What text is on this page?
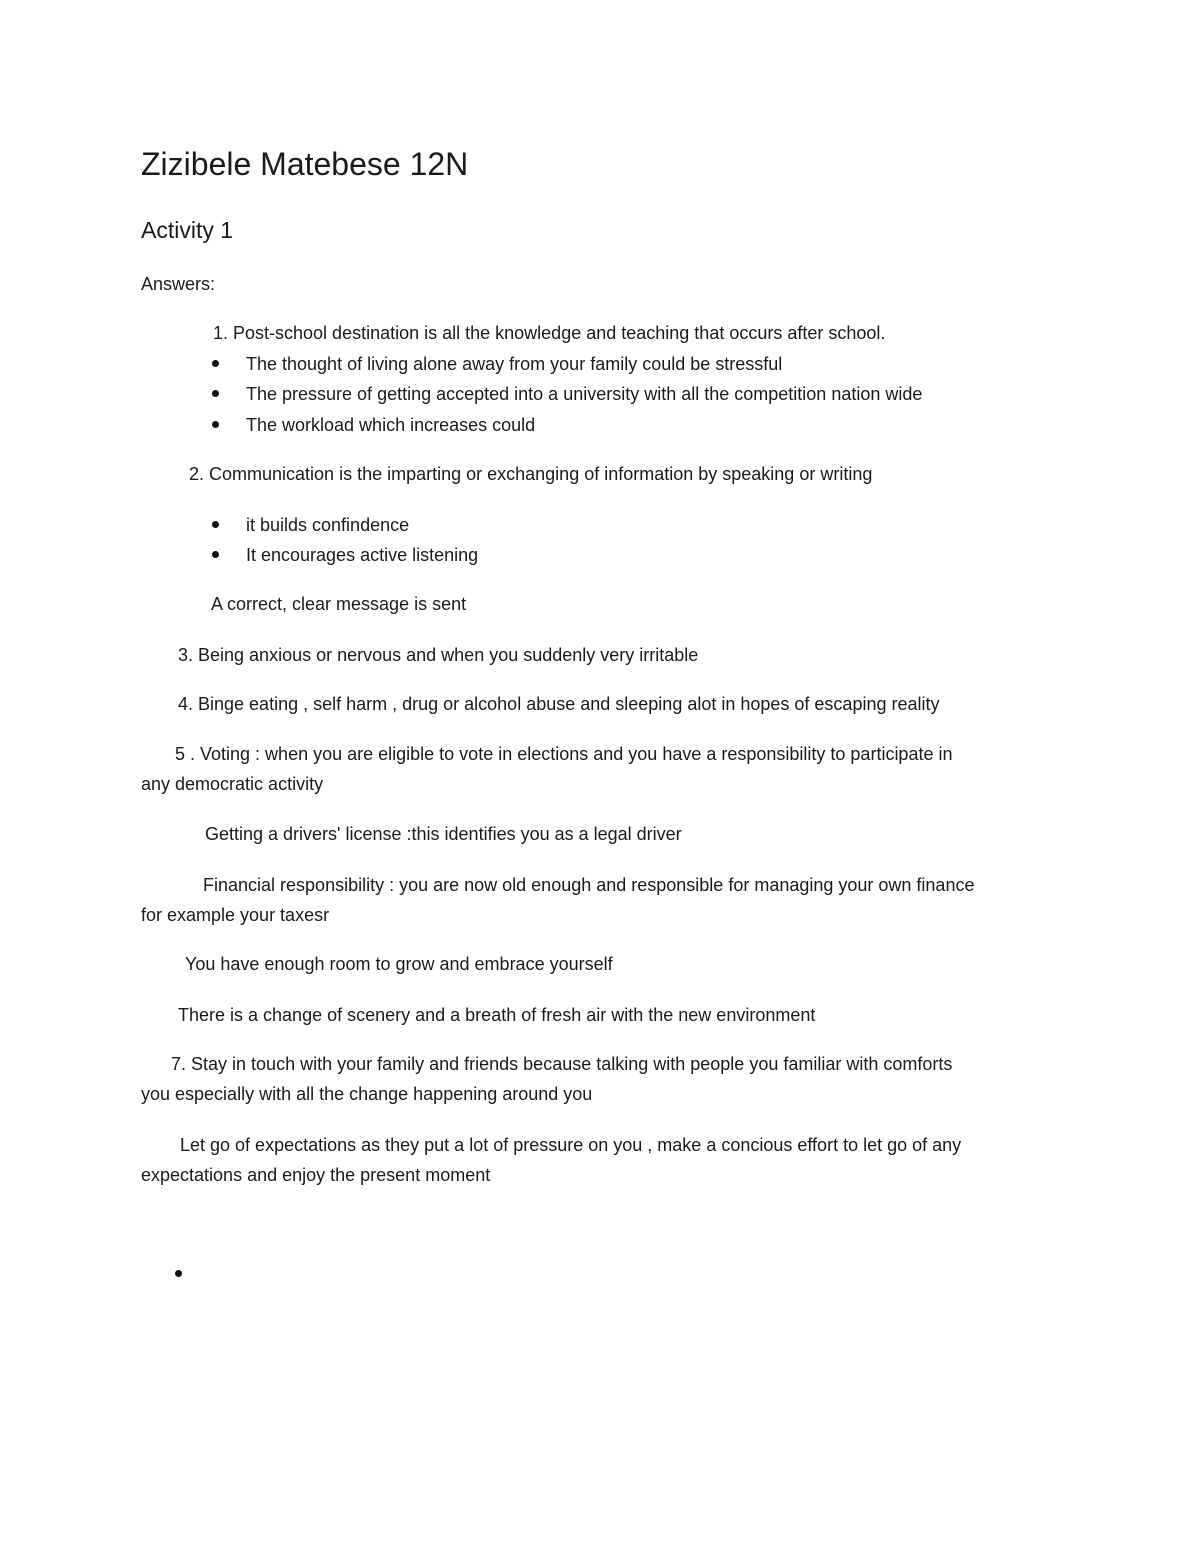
Zizibele Matebese 12N
Activity 1
Answers:
1. Post-school destination is all the knowledge and teaching that occurs after school.
The thought of living alone away from your family could be stressful
The pressure of getting accepted into a university with all the competition nation wide
The workload which increases could
2. Communication is the imparting or exchanging of information by speaking or writing
it builds confindence
It encourages active listening
A correct, clear message is sent
3. Being anxious or nervous and when you suddenly very irritable
4. Binge eating , self harm , drug or alcohol abuse and sleeping alot in hopes of escaping reality
5 . Voting : when you are eligible to vote in elections and you have a responsibility to participate in
any democratic activity
Getting a drivers' license :this identifies you as a legal driver
Financial responsibility : you are now old enough and responsible for managing your own finance
for example your taxesr
You have enough room to grow and embrace yourself
There is a change of scenery and a breath of fresh air with the new environment
7. Stay in touch with your family and friends because talking with people you familiar with comforts
you especially with all the change happening around you
Let go of expectations as they put a lot of pressure on you , make a concious effort to let go of any
expectations and enjoy the present moment
